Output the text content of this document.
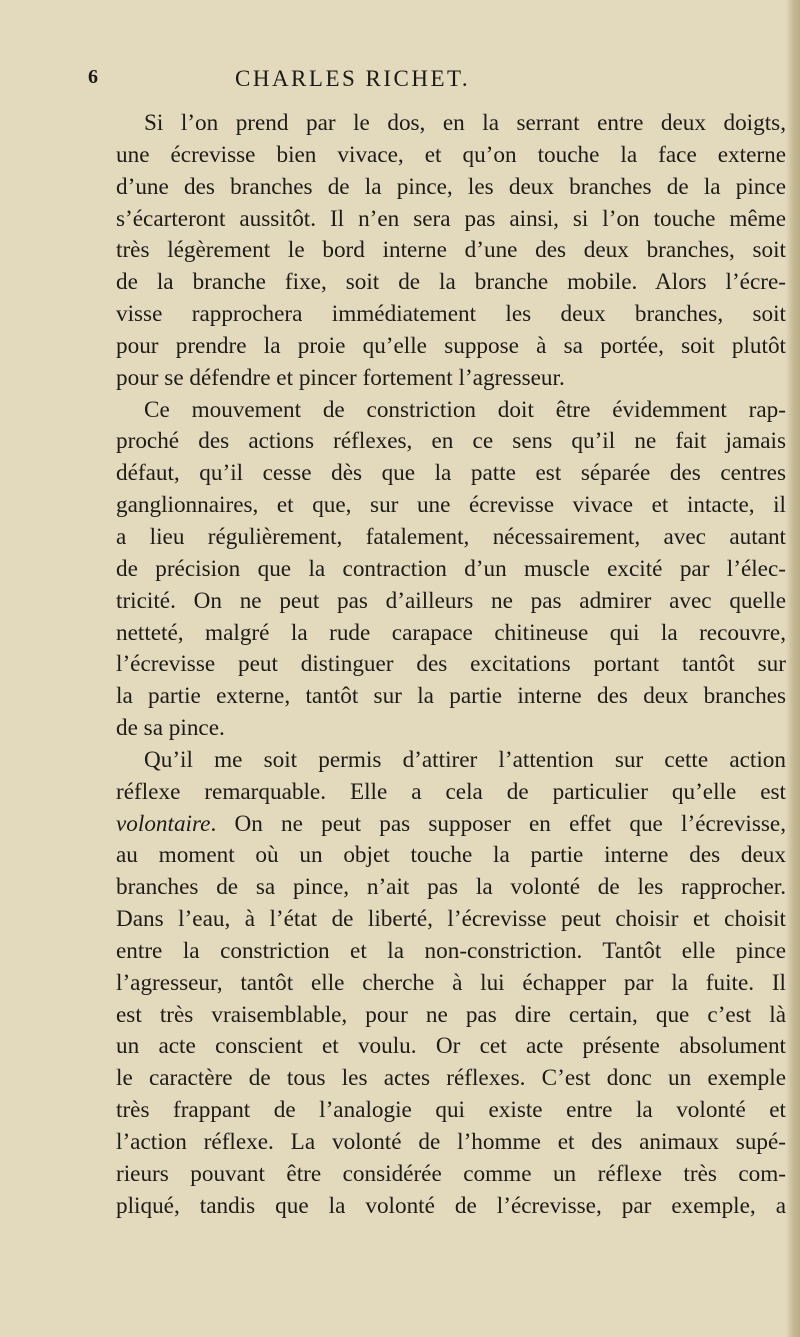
6	CHARLES RICHET.

Si l’on prend par le dos, en la serrant entre deux doigts,
une écrevisse bien vivace, et qu’on touche la face externe
d’une des branches de la pince, les deux branches de la pince
s’écarteront aussitôt. Il n’en sera pas ainsi, si l’on touche même
très légèrement le bord interne d’une des deux branches, soit
de la branche fixe, soit de la branche mobile. Alors l’écre-
visse rapprochera immédiatement les deux branches, soit
pour prendre la proie qu’elle suppose à sa portée, soit plutôt
pour se défendre et pincer fortement l’agresseur.

Ce mouvement de constriction doit être évidemment rap-
proché des actions réflexes, en ce sens qu’il ne fait jamais
défaut, qu’il cesse dès que la patte est séparée des centres
ganglionnaires, et que, sur une écrevisse vivace et intacte, il
a lieu régulièrement, fatalement, nécessairement, avec autant
de précision que la contraction d’un muscle excité par l’élec-
tricité. On ne peut pas d’ailleurs ne pas admirer avec quelle
netteté, malgré la rude carapace chitineuse qui la recouvre,
l’écrevisse peut distinguer des excitations portant tantôt sur
la partie externe, tantôt sur la partie interne des deux branches
de sa pince.

Qu’il me soit permis d’attirer l’attention sur cette action
réflexe remarquable. Elle a cela de particulier qu’elle est
volontaire. On ne peut pas supposer en effet que l’écrevisse,
au moment où un objet touche la partie interne des deux
branches de sa pince, n’ait pas la volonté de les rapprocher.
Dans l’eau, à l’état de liberté, l’écrevisse peut choisir et choisit
entre la constriction et la non-constriction. Tantôt elle pince
l’agresseur, tantôt elle cherche à lui échapper par la fuite. Il
est très vraisemblable, pour ne pas dire certain, que c’est là
un acte conscient et voulu. Or cet acte présente absolument
le caractère de tous les actes réflexes. C’est donc un exemple
très frappant de l’analogie qui existe entre la volonté et
l’action réflexe. La volonté de l’homme et des animaux supé-
rieurs pouvant être considérée comme un réflexe très com-
pliqué, tandis que la volonté de l’écrevisse, par exemple, a
